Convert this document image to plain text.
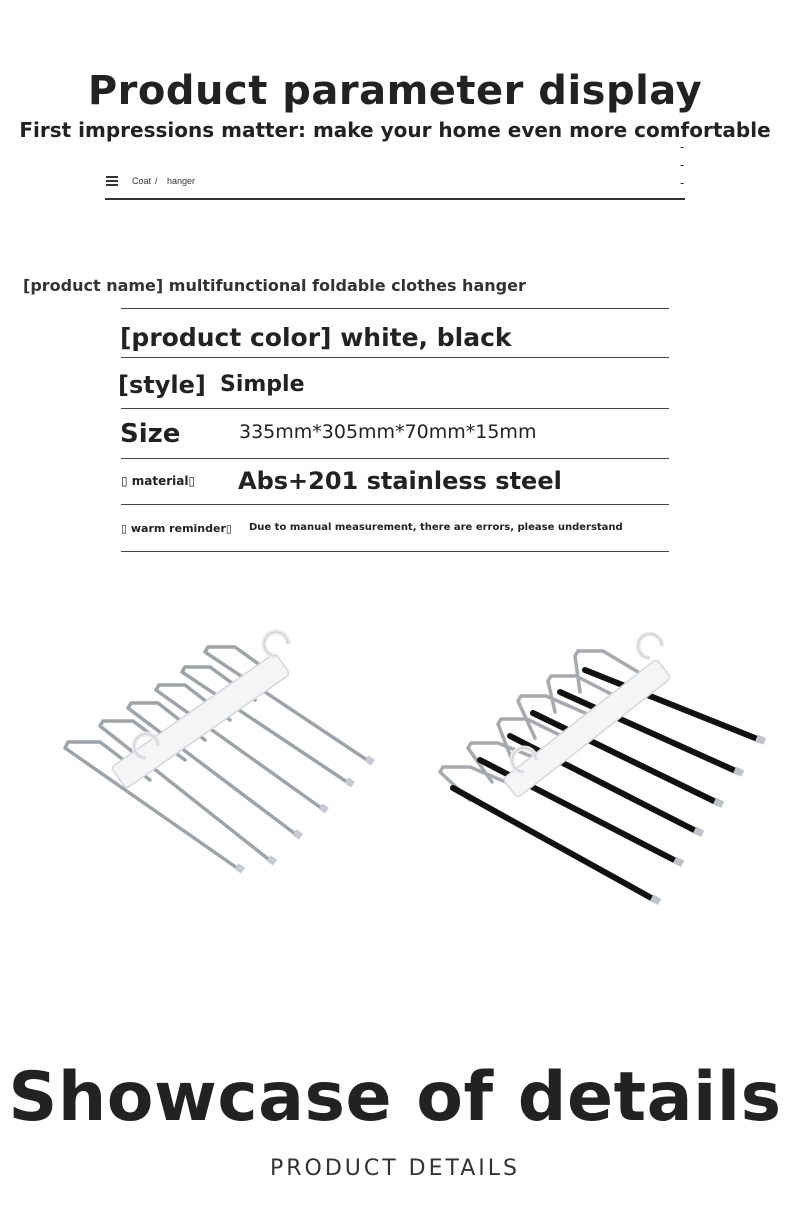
Product parameter display
First impressions matter: make your home even more comfortable
-
-
-
Coat / hanger
[product name] multifunctional foldable clothes hanger
[product color] white, black
[style] Simple
Size	335mm*305mm*70mm*15mm
▯ material▯ Abs+201 stainless steel
▯ warm reminder▯ Due to manual measurement, there are errors, please understand
Showcase of details
PRODUCT DETAILS
